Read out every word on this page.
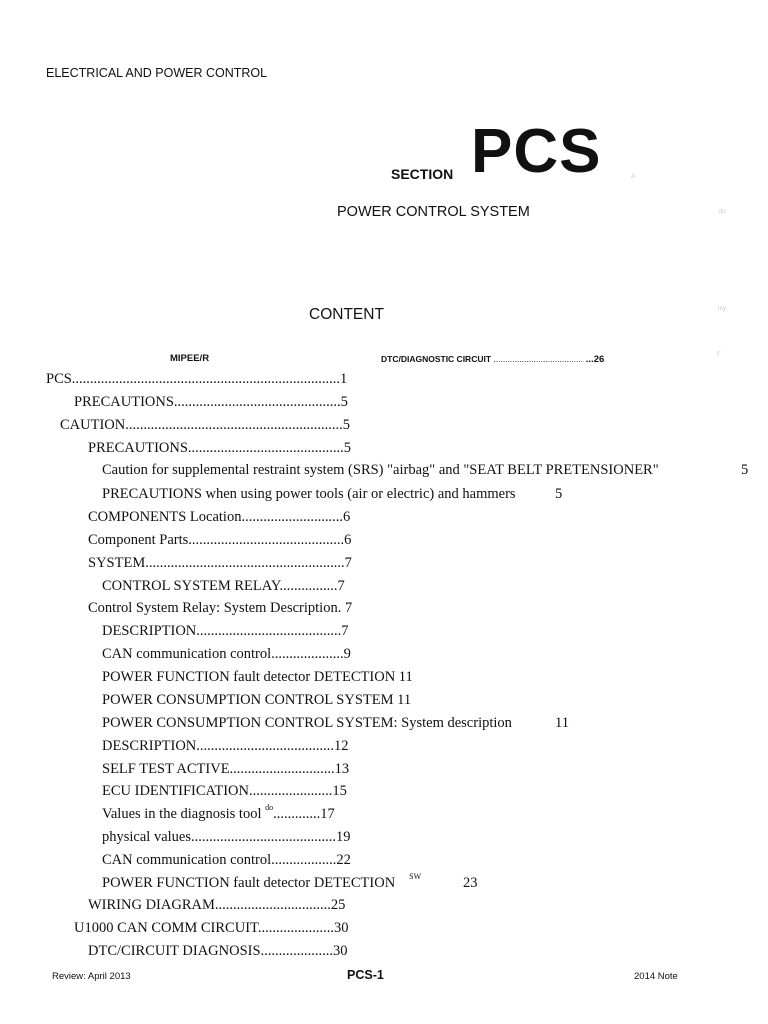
ELECTRICAL AND POWER CONTROL
SECTION PCS
POWER CONTROL SYSTEM
A
do
my
F
CONTENT
MIPEE/R	DTC/DIAGNOSTIC CIRCUIT ...................................... ...26
PCS..........................................................................1
PRECAUTIONS..............................................5
CAUTION............................................................5
PRECAUTIONS...........................................5
Caution for supplemental restraint system (SRS) "airbag" and "SEAT BELT PRETENSIONER"	5
PRECAUTIONS when using power tools (air or electric) and hammers	5
COMPONENTS Location............................6
Component Parts...........................................6
SYSTEM.......................................................7
CONTROL SYSTEM RELAY................7
Control System Relay: System Description. 7
DESCRIPTION........................................7
CAN communication control....................9
POWER FUNCTION fault detector DETECTION 11
POWER CONSUMPTION CONTROL SYSTEM 11
POWER CONSUMPTION CONTROL SYSTEM: System description	11
DESCRIPTION......................................12
SELF TEST ACTIVE.............................13
ECU IDENTIFICATION.......................15
Values in the diagnosis tool $^{do}$.............17
physical values........................................19
CAN communication control..................22
POWER FUNCTION fault detector DETECTION $^{SW}$	23
WIRING DIAGRAM................................25
U1000 CAN COMM CIRCUIT.....................30
DTC/CIRCUIT DIAGNOSIS....................30
Review: April 2013	PCS-1	2014 Note
